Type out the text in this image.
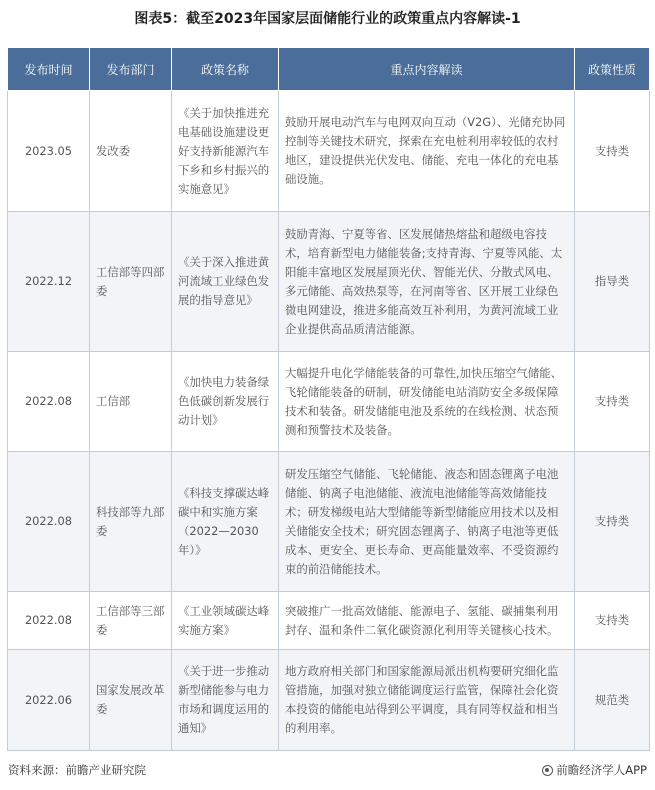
图表5：截至2023年国家层面储能行业的政策重点内容解读-1
发布时间	发布部门	政策名称	重点内容解读	政策性质
2023.05	发改委	《关于加快推进充电基础设施建设更好支持新能源汽车下乡和乡村振兴的实施意见》	鼓励开展电动汽车与电网双向互动（V2G）、光储充协同控制等关键技术研究，探索在充电桩利用率较低的农村地区，建设提供光伏发电、储能、充电一体化的充电基础设施。	支持类
2022.12	工信部等四部委	《关于深入推进黄河流域工业绿色发展的指导意见》	鼓励青海、宁夏等省、区发展储热熔盐和超级电容技术，培育新型电力储能装备;支持青海、宁夏等风能、太阳能丰富地区发展屋顶光伏、智能光伏、分散式风电、多元储能、高效热泵等，在河南等省、区开展工业绿色微电网建设，推进多能高效互补利用，为黄河流域工业企业提供高品质清洁能源。	指导类
2022.08	工信部	《加快电力装备绿色低碳创新发展行动计划》	大幅提升电化学储能装备的可靠性,加快压缩空气储能、飞轮储能装备的研制，研发储能电站消防安全多级保障技术和装备。研发储能电池及系统的在线检测、状态预测和预警技术及装备。	支持类
2022.08	科技部等九部委	《科技支撑碳达峰碳中和实施方案（2022—2030年）》	研发压缩空气储能、飞轮储能、液态和固态锂离子电池储能、钠离子电池储能、液流电池储能等高效储能技术；研发梯级电站大型储能等新型储能应用技术以及相关储能安全技术；研究固态锂离子、钠离子电池等更低成本、更安全、更长寿命、更高能量效率、不受资源约束的前沿储能技术。	支持类
2022.08	工信部等三部委	《工业领域碳达峰实施方案》	突破推广一批高效储能、能源电子、氢能、碳捕集利用封存、温和条件二氧化碳资源化利用等关键核心技术。	支持类
2022.06	国家发展改革委	《关于进一步推动新型储能参与电力市场和调度运用的通知》	地方政府相关部门和国家能源局派出机构要研究细化监管措施，加强对独立储能调度运行监管，保障社会化资本投资的储能电站得到公平调度，具有同等权益和相当的利用率。	规范类
资料来源：前瞻产业研究院	前瞻经济学人APP
